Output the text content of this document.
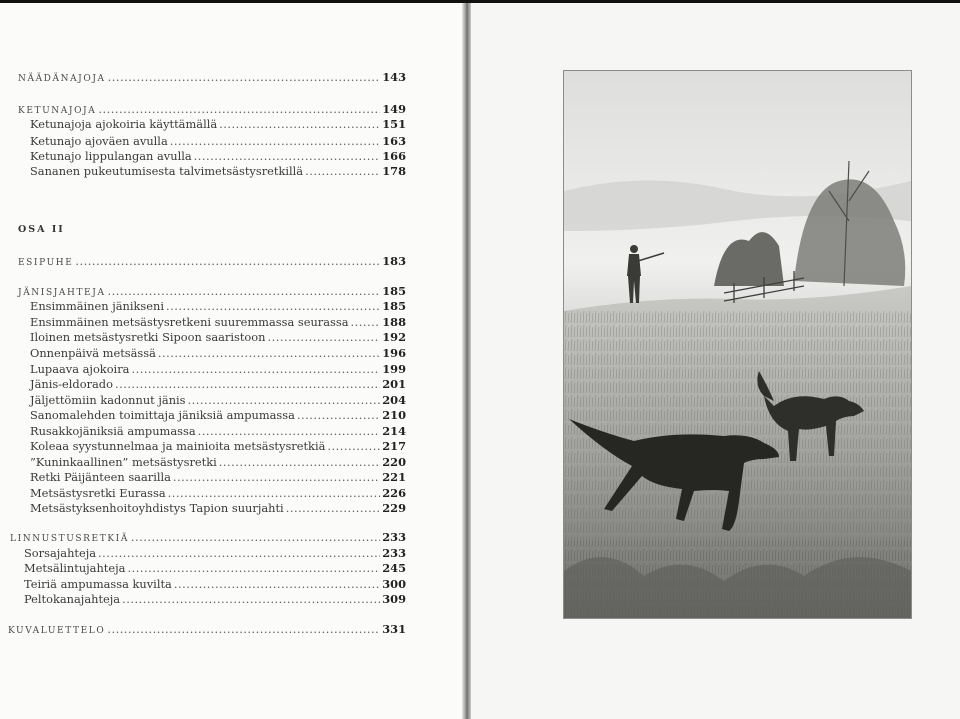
NÄÄDÄNAJOJA .....	143
KETUNAJOJA .....	149
Ketunajoja ajokoiria käyttämällä .....	151
Ketunajo ajoväen avulla .....	163
Ketunajo lippulangan avulla .....	166
Sananen pukeutumisesta talvimetsästysretkillä .....	178
OSA II
ESIPUHE .....	183
JÄNISJAHTEJA .....	185
Ensimmäinen jänikseni .....	185
Ensimmäinen metsästysretkeni suuremmassa seurassa .....	188
Iloinen metsästysretki Sipoon saaristoon .....	192
Onnenpäivä metsässä .....	196
Lupaava ajokoira .....	199
Jänis-eldorado .....	201
Jäljettömiin kadonnut jänis .....	204
Sanomalehden toimittaja jäniksiä ampumassa .....	210
Rusakkojäniksiä ampumassa .....	214
Koleaa syystunnelmaa ja mainioita metsästysretkiä .....	217
”Kuninkaallinen” metsästysretki .....	220
Retki Päijänteen saarilla .....	221
Metsästysretki Eurassa .....	226
Metsästyksenhoitoyhdistys Tapion suurjahti .....	229
LINNUSTUSRETKIÄ .....	233
Sorsajahteja .....	233
Metsälintujahteja .....	245
Teiriä ampumassa kuvilta .....	300
Peltokanajahteja .....	309
KUVALUETTELO .....	331
